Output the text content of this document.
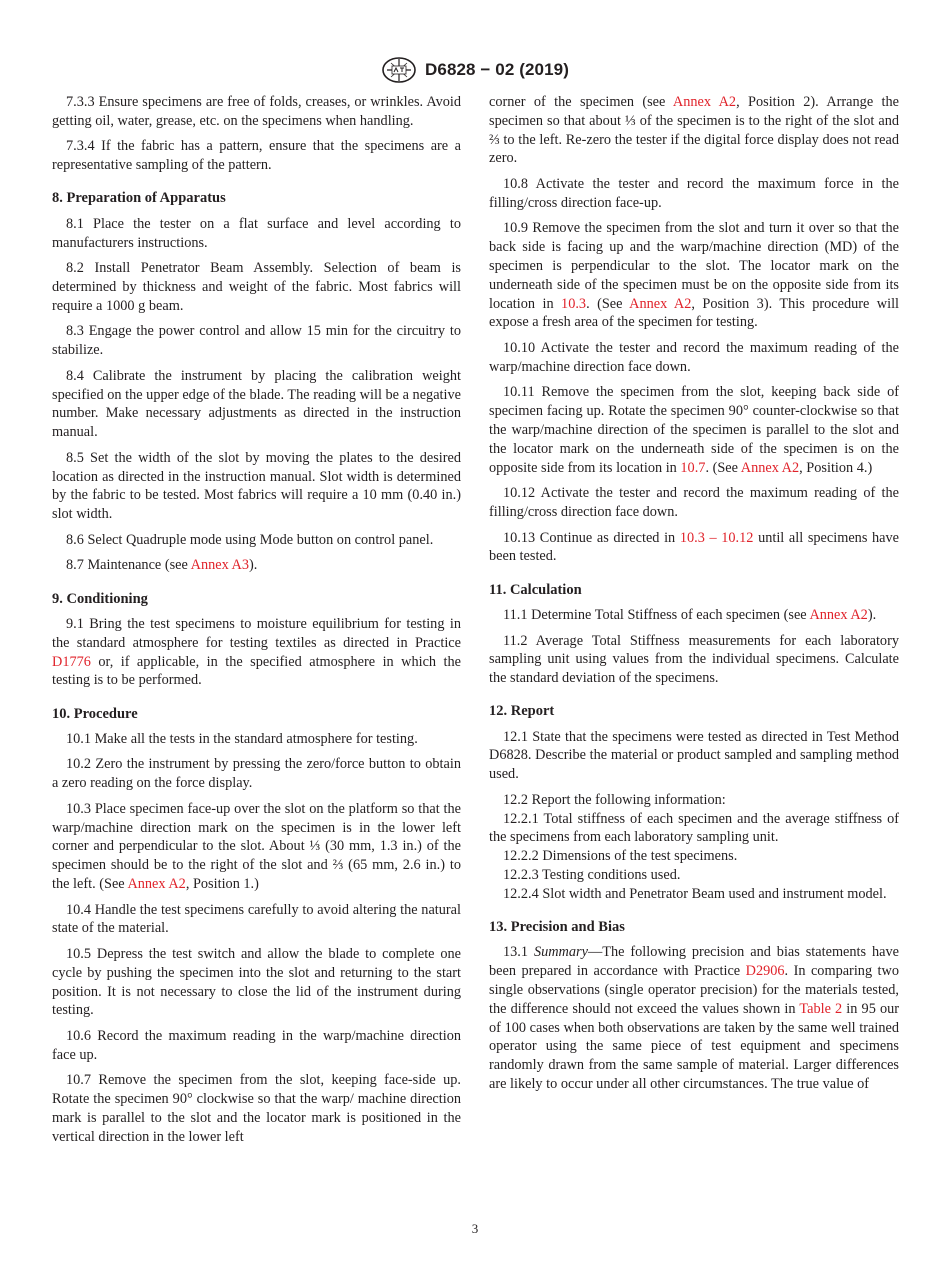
D6828 − 02 (2019)

7.3.3 Ensure specimens are free of folds, creases, or wrinkles. Avoid getting oil, water, grease, etc. on the specimens when handling.

7.3.4 If the fabric has a pattern, ensure that the specimens are a representative sampling of the pattern.

8. Preparation of Apparatus

8.1 Place the tester on a flat surface and level according to manufacturers instructions.

8.2 Install Penetrator Beam Assembly. Selection of beam is determined by thickness and weight of the fabric. Most fabrics will require a 1000 g beam.

8.3 Engage the power control and allow 15 min for the circuitry to stabilize.

8.4 Calibrate the instrument by placing the calibration weight specified on the upper edge of the blade. The reading will be a negative number. Make necessary adjustments as directed in the instruction manual.

8.5 Set the width of the slot by moving the plates to the desired location as directed in the instruction manual. Slot width is determined by the fabric to be tested. Most fabrics will require a 10 mm (0.40 in.) slot width.

8.6 Select Quadruple mode using Mode button on control panel.

8.7 Maintenance (see Annex A3).

9. Conditioning

9.1 Bring the test specimens to moisture equilibrium for testing in the standard atmosphere for testing textiles as directed in Practice D1776 or, if applicable, in the specified atmosphere in which the testing is to be performed.

10. Procedure

10.1 Make all the tests in the standard atmosphere for testing.

10.2 Zero the instrument by pressing the zero/force button to obtain a zero reading on the force display.

10.3 Place specimen face-up over the slot on the platform so that the warp/machine direction mark on the specimen is in the lower left corner and perpendicular to the slot. About ⅓ (30 mm, 1.3 in.) of the specimen should be to the right of the slot and ⅔ (65 mm, 2.6 in.) to the left. (See Annex A2, Position 1.)

10.4 Handle the test specimens carefully to avoid altering the natural state of the material.

10.5 Depress the test switch and allow the blade to complete one cycle by pushing the specimen into the slot and returning to the start position. It is not necessary to close the lid of the instrument during testing.

10.6 Record the maximum reading in the warp/machine direction face up.

10.7 Remove the specimen from the slot, keeping face-side up. Rotate the specimen 90° clockwise so that the warp/ machine direction mark is parallel to the slot and the locator mark is positioned in the vertical direction in the lower left

corner of the specimen (see Annex A2, Position 2). Arrange the specimen so that about ⅓ of the specimen is to the right of the slot and ⅔ to the left. Re-zero the tester if the digital force display does not read zero.

10.8 Activate the tester and record the maximum force in the filling/cross direction face-up.

10.9 Remove the specimen from the slot and turn it over so that the back side is facing up and the warp/machine direction (MD) of the specimen is perpendicular to the slot. The locator mark on the underneath side of the specimen must be on the opposite side from its location in 10.3. (See Annex A2, Position 3). This procedure will expose a fresh area of the specimen for testing.

10.10 Activate the tester and record the maximum reading of the warp/machine direction face down.

10.11 Remove the specimen from the slot, keeping back side of specimen facing up. Rotate the specimen 90° counter-clockwise so that the warp/machine direction of the specimen is parallel to the slot and the locator mark on the underneath side of the specimen is on the opposite side from its location in 10.7. (See Annex A2, Position 4.)

10.12 Activate the tester and record the maximum reading of the filling/cross direction face down.

10.13 Continue as directed in 10.3 – 10.12 until all specimens have been tested.

11. Calculation

11.1 Determine Total Stiffness of each specimen (see Annex A2).

11.2 Average Total Stiffness measurements for each laboratory sampling unit using values from the individual specimens. Calculate the standard deviation of the specimens.

12. Report

12.1 State that the specimens were tested as directed in Test Method D6828. Describe the material or product sampled and sampling method used.

12.2 Report the following information:

12.2.1 Total stiffness of each specimen and the average stiffness of the specimens from each laboratory sampling unit.

12.2.2 Dimensions of the test specimens.

12.2.3 Testing conditions used.

12.2.4 Slot width and Penetrator Beam used and instrument model.

13. Precision and Bias

13.1 Summary—The following precision and bias statements have been prepared in accordance with Practice D2906. In comparing two single observations (single operator precision) for the materials tested, the difference should not exceed the values shown in Table 2 in 95 our of 100 cases when both observations are taken by the same well trained operator using the same piece of test equipment and specimens randomly drawn from the same sample of material. Larger differences are likely to occur under all other circumstances. The true value of

3
